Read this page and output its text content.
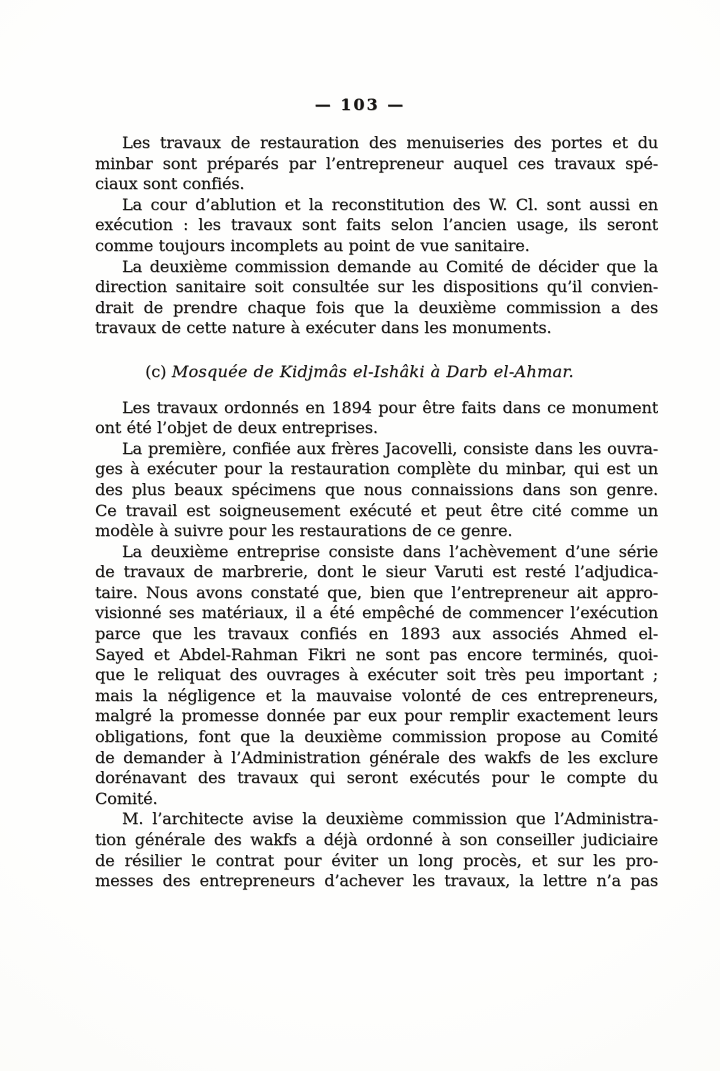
— 103 —
Les travaux de restauration des menuiseries des portes et du
minbar sont préparés par l’entrepreneur auquel ces travaux spé-
ciaux sont confiés.
La cour d’ablution et la reconstitution des W. Cl. sont aussi en
exécution : les travaux sont faits selon l’ancien usage, ils seront
comme toujours incomplets au point de vue sanitaire.
La deuxième commission demande au Comité de décider que la
direction sanitaire soit consultée sur les dispositions qu’il convien-
drait de prendre chaque fois que la deuxième commission a des
travaux de cette nature à exécuter dans les monuments.
(c) Mosquée de Kidjmâs el-Ishâki à Darb el-Ahmar.
Les travaux ordonnés en 1894 pour être faits dans ce monument
ont été l’objet de deux entreprises.
La première, confiée aux frères Jacovelli, consiste dans les ouvra-
ges à exécuter pour la restauration complète du minbar, qui est un
des plus beaux spécimens que nous connaissions dans son genre.
Ce travail est soigneusement exécuté et peut être cité comme un
modèle à suivre pour les restaurations de ce genre.
La deuxième entreprise consiste dans l’achèvement d’une série
de travaux de marbrerie, dont le sieur Varuti est resté l’adjudica-
taire. Nous avons constaté que, bien que l’entrepreneur ait appro-
visionné ses matériaux, il a été empêché de commencer l’exécution
parce que les travaux confiés en 1893 aux associés Ahmed el-
Sayed et Abdel-Rahman Fikri ne sont pas encore terminés, quoi-
que le reliquat des ouvrages à exécuter soit très peu important ;
mais la négligence et la mauvaise volonté de ces entrepreneurs,
malgré la promesse donnée par eux pour remplir exactement leurs
obligations, font que la deuxième commission propose au Comité
de demander à l’Administration générale des wakfs de les exclure
dorénavant des travaux qui seront exécutés pour le compte du
Comité.
M. l’architecte avise la deuxième commission que l’Administra-
tion générale des wakfs a déjà ordonné à son conseiller judiciaire
de résilier le contrat pour éviter un long procès, et sur les pro-
messes des entrepreneurs d’achever les travaux, la lettre n’a pas
